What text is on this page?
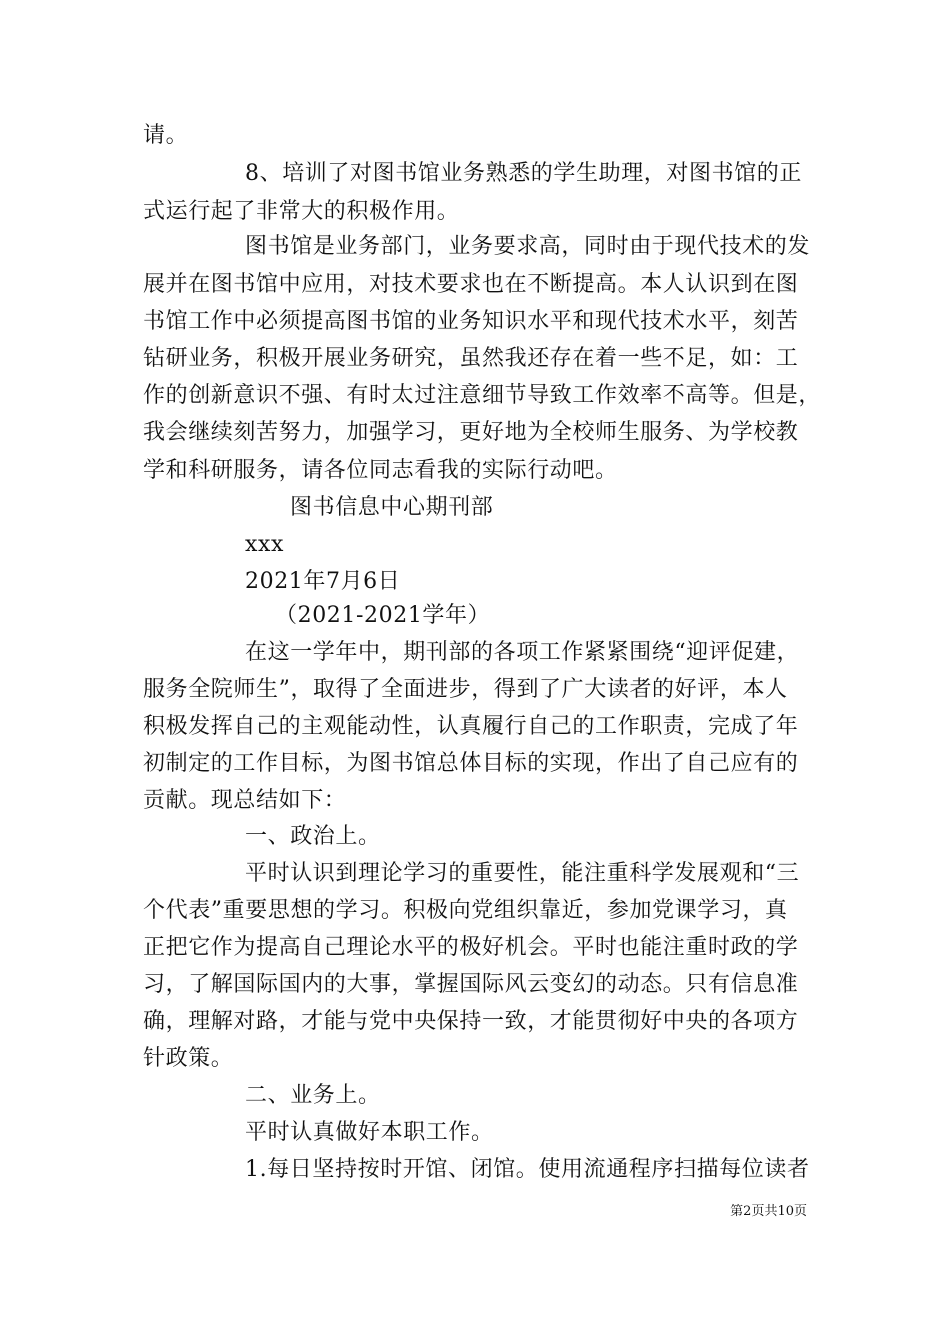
请。
8、培训了对图书馆业务熟悉的学生助理，对图书馆的正
式运行起了非常大的积极作用。
图书馆是业务部门，业务要求高，同时由于现代技术的发
展并在图书馆中应用，对技术要求也在不断提高。本人认识到在图
书馆工作中必须提高图书馆的业务知识水平和现代技术水平，刻苦
钻研业务，积极开展业务研究，虽然我还存在着一些不足，如：工
作的创新意识不强、有时太过注意细节导致工作效率不高等。但是，
我会继续刻苦努力，加强学习，更好地为全校师生服务、为学校教
学和科研服务，请各位同志看我的实际行动吧。
图书信息中心期刊部
xxx
2021年7月6日
（2021-2021学年）
在这一学年中，期刊部的各项工作紧紧围绕“迎评促建，
服务全院师生”，取得了全面进步，得到了广大读者的好评，本人
积极发挥自己的主观能动性，认真履行自己的工作职责，完成了年
初制定的工作目标，为图书馆总体目标的实现，作出了自己应有的
贡献。现总结如下：
一、政治上。
平时认识到理论学习的重要性，能注重科学发展观和“三
个代表”重要思想的学习。积极向党组织靠近，参加党课学习，真
正把它作为提高自己理论水平的极好机会。平时也能注重时政的学
习，了解国际国内的大事，掌握国际风云变幻的动态。只有信息准
确，理解对路，才能与党中央保持一致，才能贯彻好中央的各项方
针政策。
二、业务上。
平时认真做好本职工作。
1.每日坚持按时开馆、闭馆。使用流通程序扫描每位读者
第2页共10页
